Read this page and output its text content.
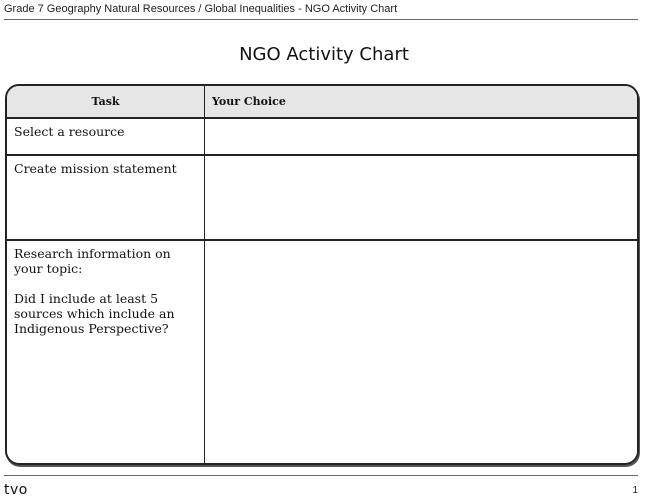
Grade 7 Geography Natural Resources / Global Inequalities - NGO Activity Chart
NGO Activity Chart
Task	Your Choice
Select a resource
Create mission statement
Research information on your topic:

Did I include at least 5 sources which include an Indigenous Perspective?
tvo	1
